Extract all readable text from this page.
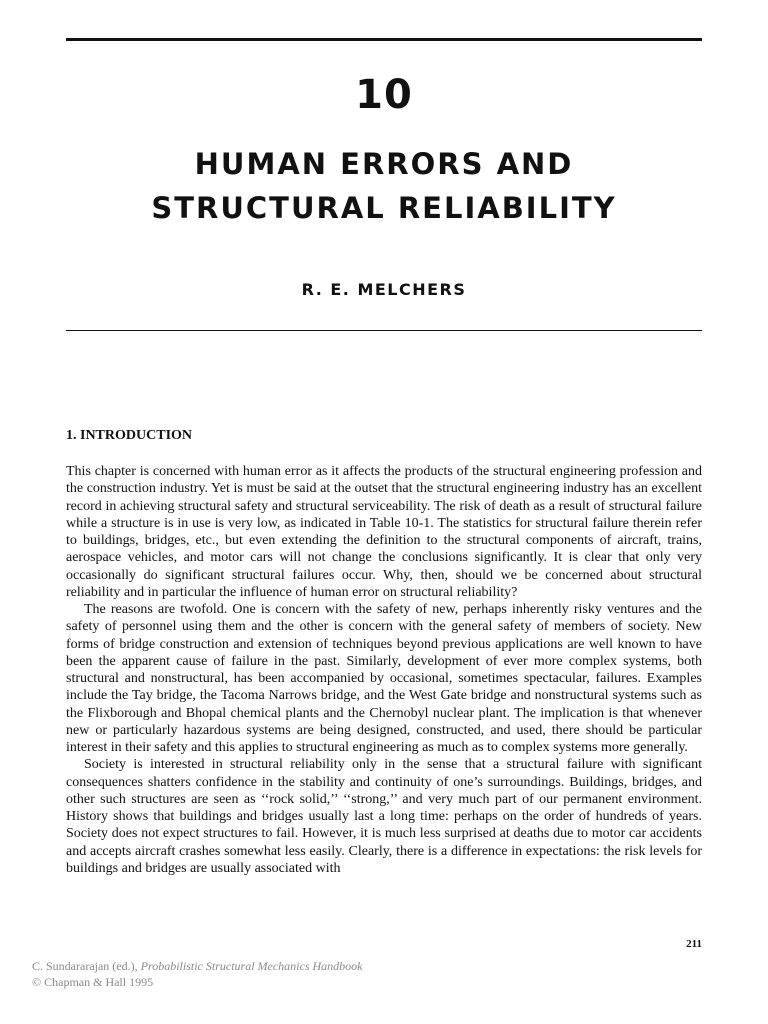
10
HUMAN ERRORS AND
STRUCTURAL RELIABILITY
R. E. MELCHERS
1. INTRODUCTION

This chapter is concerned with human error as it affects the products of the structural engineering profession and the construction industry. Yet is must be said at the outset that the structural engineering industry has an excellent record in achieving structural safety and structural serviceability. The risk of death as a result of structural failure while a structure is in use is very low, as indicated in Table 10-1. The statistics for structural failure therein refer to buildings, bridges, etc., but even extending the definition to the structural components of aircraft, trains, aerospace vehicles, and motor cars will not change the conclusions significantly. It is clear that only very occasionally do significant structural failures occur. Why, then, should we be concerned about structural reliability and in particular the influence of human error on structural reliability?

The reasons are twofold. One is concern with the safety of new, perhaps inherently risky ventures and the safety of personnel using them and the other is concern with the general safety of members of society. New forms of bridge construction and extension of techniques beyond previous applications are well known to have been the apparent cause of failure in the past. Similarly, development of ever more complex systems, both structural and nonstructural, has been accompanied by occasional, sometimes spectacular, failures. Examples include the Tay bridge, the Tacoma Narrows bridge, and the West Gate bridge and nonstructural systems such as the Flixborough and Bhopal chemical plants and the Chernobyl nuclear plant. The implication is that whenever new or particularly hazardous systems are being designed, constructed, and used, there should be particular interest in their safety and this applies to structural engineering as much as to complex systems more generally.

Society is interested in structural reliability only in the sense that a structural failure with significant consequences shatters confidence in the stability and continuity of one’s surroundings. Buildings, bridges, and other such structures are seen as ‘‘rock solid,’’ ‘‘strong,’’ and very much part of our permanent environment. History shows that buildings and bridges usually last a long time: perhaps on the order of hundreds of years. Society does not expect structures to fail. However, it is much less surprised at deaths due to motor car accidents and accepts aircraft crashes somewhat less easily. Clearly, there is a difference in expectations: the risk levels for buildings and bridges are usually associated with

211
C. Sundararajan (ed.), Probabilistic Structural Mechanics Handbook
© Chapman & Hall 1995
